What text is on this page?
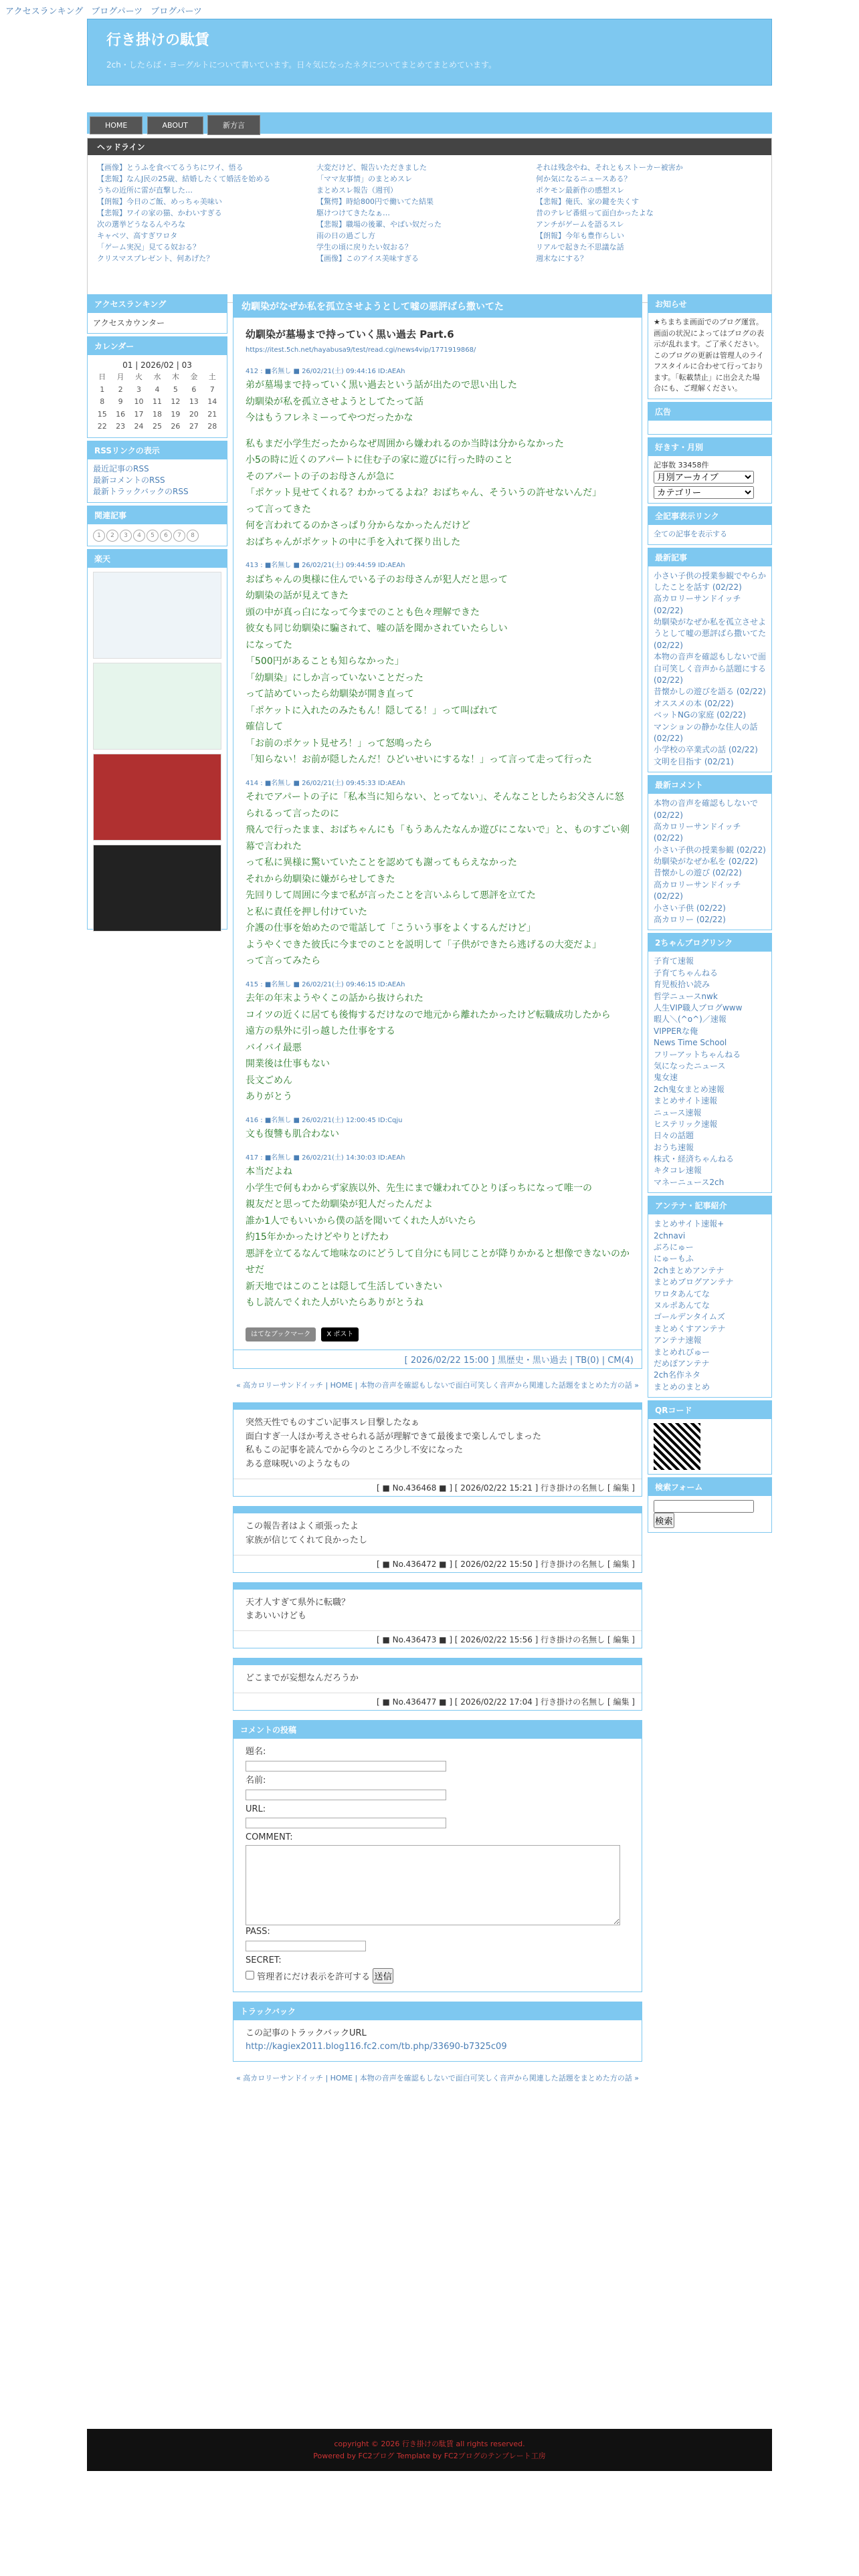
アクセスランキング ブログパーツ ブログパーツ
行き掛けの駄賃
2ch・したらば・ヨーグルトについて書いています。日々気になったネタについてまとめてまとめています。
HOME	ABOUT	新方言
ヘッドライン
【画像】とうふを食べてるうちにワイ、悟る
【悲報】なんJ民の25歳、結婚したくて婚活を始める
うちの近所に雷が直撃した…
【朗報】今日のご飯、めっちゃ美味い
【悲報】ワイの家の猫、かわいすぎる
次の選挙どうなるんやろな
キャベツ、高すぎワロタ
「ゲーム実況」見てる奴おる？
クリスマスプレゼント、何あげた？
大変だけど、報告いただきました
「ママ友事情」のまとめスレ
まとめスレ報告（週刊）
【驚愕】時給800円で働いてた結果
駆けつけてきたなぁ…
【悲報】職場の後輩、やばい奴だった
雨の日の過ごし方
学生の頃に戻りたい奴おる？
【画像】このアイス美味すぎる
それは残念やね、それともストーカー被害か
何か気になるニュースある？
ポケモン最新作の感想スレ
【悲報】俺氏、家の鍵を失くす
昔のテレビ番組って面白かったよな
アンチがゲームを語るスレ
【朗報】今年も豊作らしい
リアルで起きた不思議な話
週末なにする？
アクセスランキング
アクセスカウンター
カレンダー
01 | 2026/02 | 03
日	月	火	水	木	金	土
1	2	3	4	5	6	7
8	9	10	11	12	13	14
15	16	17	18	19	20	21
22	23	24	25	26	27	28
RSSリンクの表示
最近記事のRSS
最新コメントのRSS
最新トラックバックのRSS
関連記事
1 2 3 4 5 6 7 8
楽天
幼馴染がなぜか私を孤立させようとして嘘の悪評ばら撒いてた
幼馴染が墓場まで持っていく黒い過去 Part.6
https://itest.5ch.net/hayabusa9/test/read.cgi/news4vip/1771919868/
412 : ■名無し ■ 26/02/21(土) 09:44:16 ID:AEAh
弟が墓場まで持っていく黒い過去という話が出たので思い出した
幼馴染が私を孤立させようとしてたって話
今はもうフレネミーってやつだったかな
私もまだ小学生だったからなぜ周囲から嫌われるのか当時は分からなかった
小5の時に近くのアパートに住む子の家に遊びに行った時のこと
そのアパートの子のお母さんが急に
「ポケット見せてくれる？わかってるよね？おばちゃん、そういうの許せないんだ」
って言ってきた
何を言われてるのかさっぱり分からなかったんだけど
おばちゃんがポケットの中に手を入れて探り出した
413 : ■名無し ■ 26/02/21(土) 09:44:59 ID:AEAh
おばちゃんの奥様に住んでいる子のお母さんが犯人だと思って
幼馴染の話が見えてきた
頭の中が真っ白になって今までのことも色々理解できた
彼女も同じ幼馴染に騙されて、嘘の話を聞かされていたらしい
になってた
「500円があることも知らなかった」
「幼馴染」にしか言っていないことだった
って詰めていったら幼馴染が開き直って
「ポケットに入れたのみたもん！隠してる！」って叫ばれて
確信して
「お前のポケット見せろ！」って怒鳴ったら
「知らない！お前が隠したんだ！ひどいせいにするな！」って言って走って行った
414 : ■名無し ■ 26/02/21(土) 09:45:33 ID:AEAh
それでアパートの子に「私本当に知らない、とってない」、そんなことしたらお父さんに怒られるって言ったのに
飛んで行ったまま、おばちゃんにも「もうあんたなんか遊びにこないで」と、ものすごい剣幕で言われた
って私に異様に驚いていたことを認めても謝ってもらえなかった
それから幼馴染に嫌がらせしてきた
先回りして周囲に今まで私が言ったことを言いふらして悪評を立てた
と私に責任を押し付けていた
介護の仕事を始めたので電話して「こういう事をよくするんだけど」
ようやくできた彼氏に今までのことを説明して「子供ができたら逃げるの大変だよ」
って言ってみたら
415 : ■名無し ■ 26/02/21(土) 09:46:15 ID:AEAh
去年の年末ようやくこの話から抜けられた
コイツの近くに居ても後悔するだけなので地元から離れたかったけど転職成功したから
遠方の県外に引っ越した仕事をする
バイバイ最悪
開業後は仕事もない
長文ごめん
ありがとう
416 : ■名無し ■ 26/02/21(土) 12:00:45 ID:Cqju
文も復讐も肌合わない
417 : ■名無し ■ 26/02/21(土) 14:30:03 ID:AEAh
本当だよね
小学生で何もわからず家族以外、先生にまで嫌われてひとりぼっちになって唯一の
親友だと思ってた幼馴染が犯人だったんだよ
誰か1人でもいいから僕の話を聞いてくれた人がいたら
約15年かかったけどやりとげたわ
悪評を立てるなんて地味なのにどうして自分にも同じことが降りかかると想像できないのか
せだ
新天地ではこのことは隠して生活していきたい
もし読んでくれた人がいたらありがとうね
はてなブックマーク	X ポスト
[ 2026/02/22 15:00 ] 黒歴史・黒い過去 | TB(0) | CM(4)
« 高カロリーサンドイッチ | HOME | 本物の音声を確認もしないで面白可笑しく音声から関連した話題をまとめた方の話 »
突然天性でものすごい記事スレ目撃したなぁ
面白すぎ一人ほか考えさせられる話が理解できて最後まで楽しんでしまった
私もこの記事を読んでから今のところ少し不安になった
ある意味呪いのようなもの
[ ■ No.436468 ■ ] [ 2026/02/22 15:21 ] 行き掛けの名無し [ 編集 ]
この報告者はよく頑張ったよ
家族が信じてくれて良かったし
[ ■ No.436472 ■ ] [ 2026/02/22 15:50 ] 行き掛けの名無し [ 編集 ]
天才人すぎて県外に転職？
まあいいけども
[ ■ No.436473 ■ ] [ 2026/02/22 15:56 ] 行き掛けの名無し [ 編集 ]
どこまでが妄想なんだろうか
[ ■ No.436477 ■ ] [ 2026/02/22 17:04 ] 行き掛けの名無し [ 編集 ]
コメントの投稿
題名:
名前:
URL:
COMMENT:
PASS:
SECRET:
管理者にだけ表示を許可する 送信
トラックバック
この記事のトラックバックURL
http://kagiex2011.blog116.fc2.com/tb.php/33690-b7325c09
« 高カロリーサンドイッチ | HOME | 本物の音声を確認もしないで面白可笑しく音声から関連した話題をまとめた方の話 »
お知らせ
★ちまちま画面でのブログ運営。画面の状況によってはブログの表示が乱れます。ご了承ください。このブログの更新は管理人のライフスタイルに合わせて行っております。「転載禁止」に出会えた場合にも、ご理解ください。
広告
好きす・月別
記事数 33458件
月別アーカイブ
カテゴリー
全記事表示リンク
全ての記事を表示する
最新記事
小さい子供の授業参観でやらかしたことを話す (02/22)
高カロリーサンドイッチ (02/22)
幼馴染がなぜか私を孤立させようとして嘘の悪評ばら撒いてた (02/22)
本物の音声を確認もしないで面白可笑しく音声から話題にする (02/22)
昔懐かしの遊びを語る (02/22)
オススメの本 (02/22)
ベットNGの家庭 (02/22)
マンションの静かな住人の話 (02/22)
小学校の卒業式の話 (02/22)
文明を目指す (02/21)
最新コメント
本物の音声を確認もしないで (02/22)
高カロリーサンドイッチ (02/22)
小さい子供の授業参観 (02/22)
幼馴染がなぜか私を (02/22)
昔懐かしの遊び (02/22)
高カロリーサンドイッチ (02/22)
小さい子供 (02/22)
高カロリー (02/22)
2ちゃんブログリンク
子育て速報
子育てちゃんねる
育児板拾い読み
哲学ニュースnwk
人生VIP職人ブログwww
暇人＼(^o^)／速報
VIPPERな俺
News Time School
フリーアットちゃんねる
気になったニュース
鬼女速
2ch鬼女まとめ速報
まとめサイト速報
ニュース速報
ヒステリック速報
日々の話題
おうち速報
株式・経済ちゃんねる
キタコレ速報
マネーニュース2ch
アンテナ・記事紹介
まとめサイト速報+
2chnavi
ぶろにゅー
にゅーもふ
2chまとめアンテナ
まとめブログアンテナ
ワロタあんてな
ヌルポあんてな
ゴールデンタイムズ
まとめくすアンテナ
アンテナ速報
まとめれびゅー
だめぽアンテナ
2ch名作ネタ
まとめのまとめ
QRコード
検索フォーム
検索
copyright © 2026 行き掛けの駄賃 all rights reserved.
Powered by FC2ブログ Template by FC2ブログのテンプレート工房
